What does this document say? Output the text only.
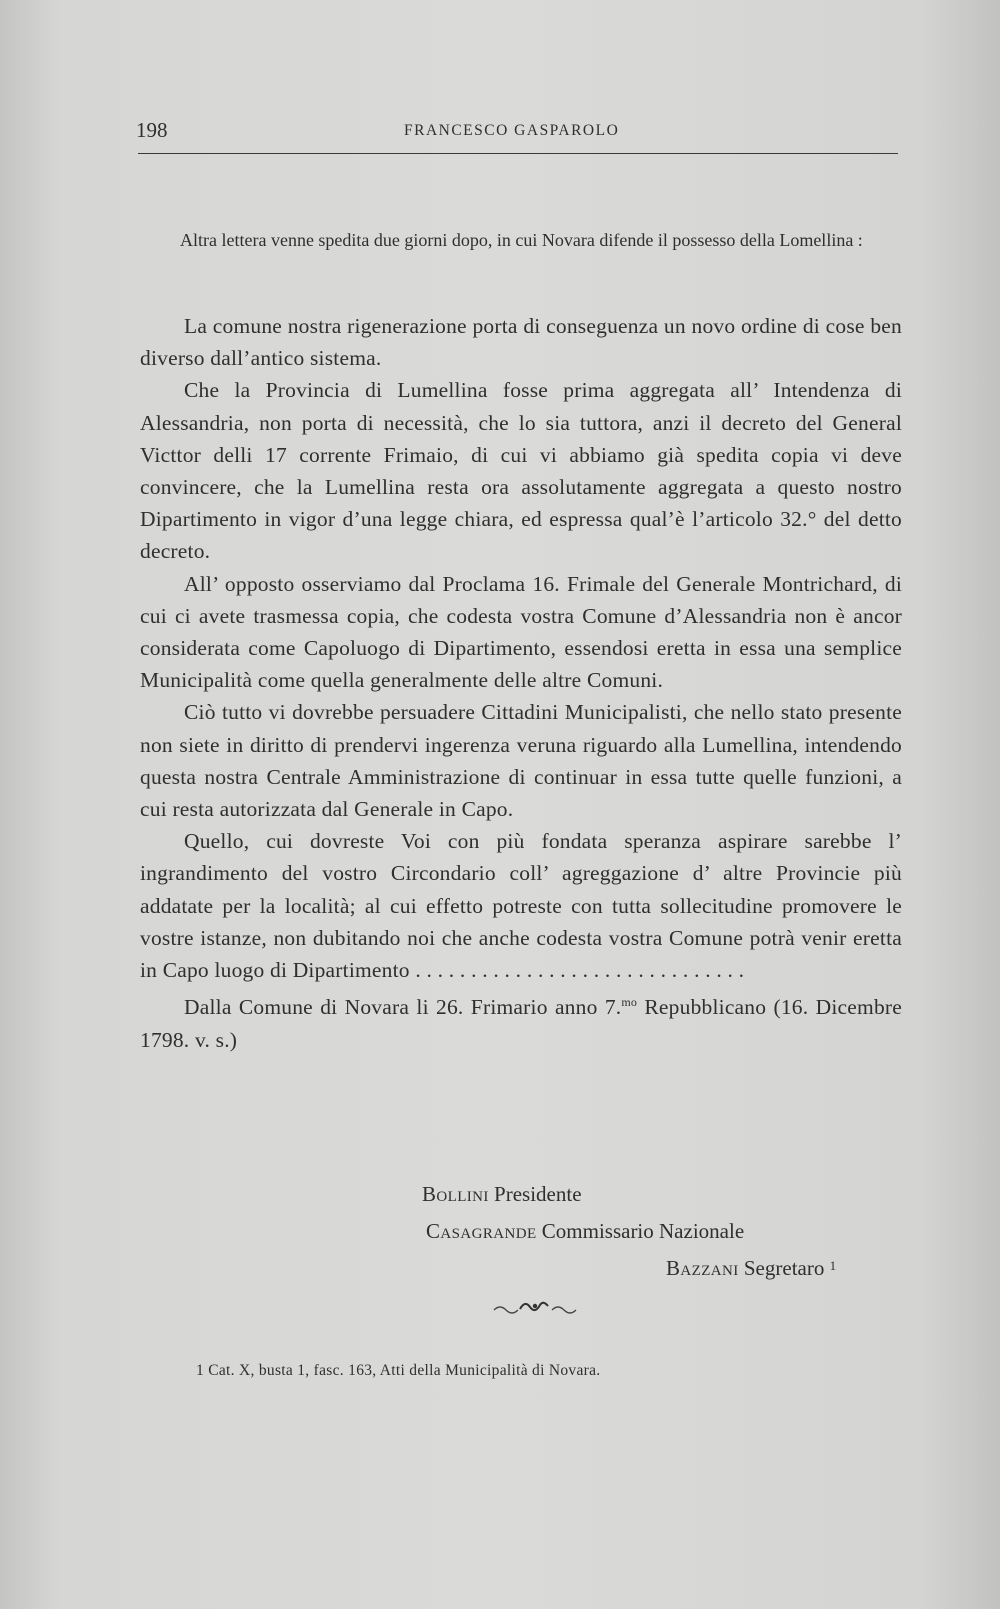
198	FRANCESCO GASPAROLO
Altra lettera venne spedita due giorni dopo, in cui Novara difende il possesso della Lomellina :

La comune nostra rigenerazione porta di conseguenza un novo ordine di cose ben diverso dall’antico sistema.

Che la Provincia di Lumellina fosse prima aggregata all’ Intendenza di Alessandria, non porta di necessità, che lo sia tuttora, anzi il decreto del General Victtor delli 17 corrente Frimaio, di cui vi abbiamo già spedita copia vi deve convincere, che la Lumellina resta ora assolutamente aggregata a questo nostro Dipartimento in vigor d’una legge chiara, ed espressa qual’è l’articolo 32.° del detto decreto.

All’ opposto osserviamo dal Proclama 16. Frimale del Generale Montrichard, di cui ci avete trasmessa copia, che codesta vostra Comune d’Alessandria non è ancor considerata come Capoluogo di Dipartimento, essendosi eretta in essa una semplice Municipalità come quella generalmente delle altre Comuni.

Ciò tutto vi dovrebbe persuadere Cittadini Municipalisti, che nello stato presente non siete in diritto di prendervi ingerenza veruna riguardo alla Lumellina, intendendo questa nostra Centrale Amministrazione di continuar in essa tutte quelle funzioni, a cui resta autorizzata dal Generale in Capo.

Quello, cui dovreste Voi con più fondata speranza aspirare sarebbe l’ ingrandimento del vostro Circondario coll’ agreggazione d’ altre Provincie più addatate per la località; al cui effetto potreste con tutta sollecitudine promovere le vostre istanze, non dubitando noi che anche codesta vostra Comune potrà venir eretta in Capo luogo di Dipartimento . . . . . . . . . . . . . . . . . . . . . . . . . . . . . .

Dalla Comune di Novara li 26. Frimario anno 7.$^{mo}$ Repubblicano (16. Dicembre 1798. v. s.)

Bollini Presidente
Casagrande Commissario Nazionale
Bazzani Segretaro $^1$
1 Cat. X, busta 1, fasc. 163, Atti della Municipalità di Novara.
